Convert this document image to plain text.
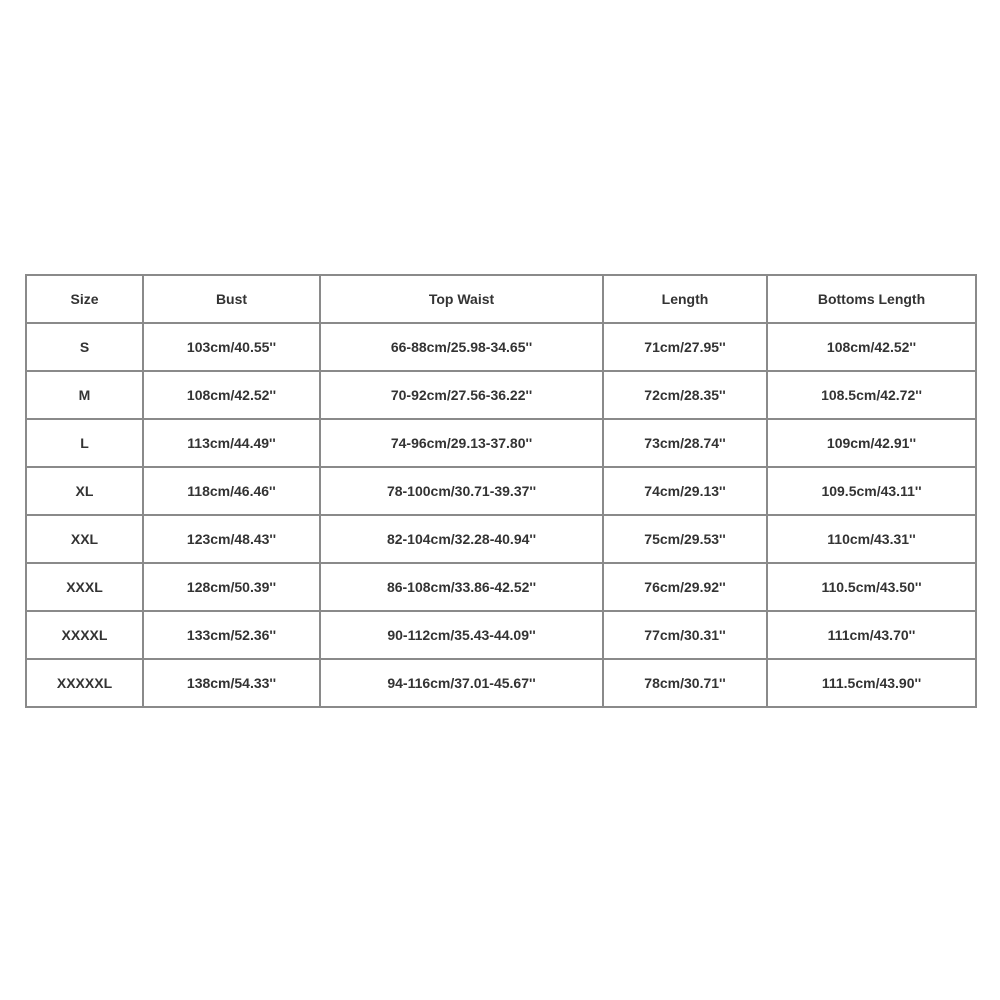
Size	Bust	Top Waist	Length	Bottoms Length
S	103cm/40.55''	66-88cm/25.98-34.65''	71cm/27.95''	108cm/42.52''
M	108cm/42.52''	70-92cm/27.56-36.22''	72cm/28.35''	108.5cm/42.72''
L	113cm/44.49''	74-96cm/29.13-37.80''	73cm/28.74''	109cm/42.91''
XL	118cm/46.46''	78-100cm/30.71-39.37''	74cm/29.13''	109.5cm/43.11''
XXL	123cm/48.43''	82-104cm/32.28-40.94''	75cm/29.53''	110cm/43.31''
XXXL	128cm/50.39''	86-108cm/33.86-42.52''	76cm/29.92''	110.5cm/43.50''
XXXXL	133cm/52.36''	90-112cm/35.43-44.09''	77cm/30.31''	111cm/43.70''
XXXXXL	138cm/54.33''	94-116cm/37.01-45.67''	78cm/30.71''	111.5cm/43.90''
